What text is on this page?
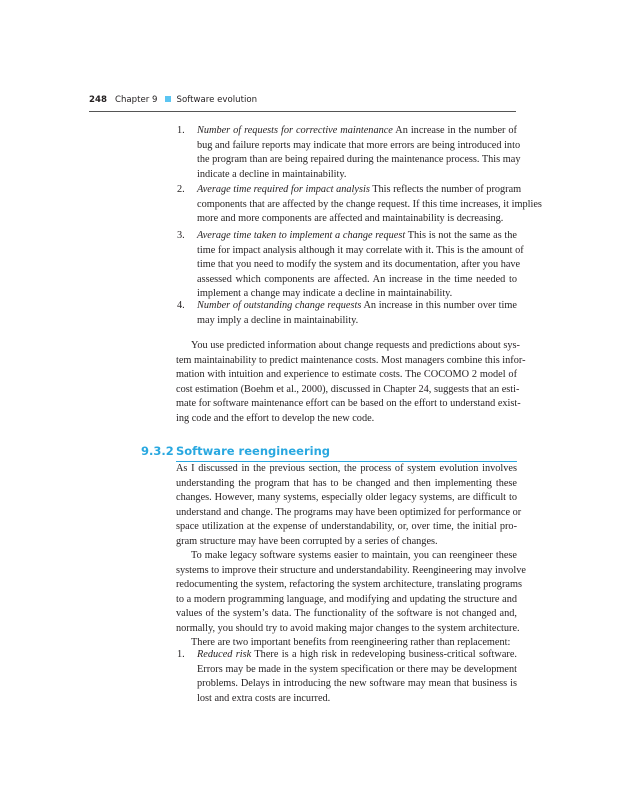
248 Chapter 9 Software evolution
1. Number of requests for corrective maintenance An increase in the number of
bug and failure reports may indicate that more errors are being introduced into
the program than are being repaired during the maintenance process. This may
indicate a decline in maintainability.
2. Average time required for impact analysis This reflects the number of program
components that are affected by the change request. If this time increases, it implies
more and more components are affected and maintainability is decreasing.
3. Average time taken to implement a change request This is not the same as the
time for impact analysis although it may correlate with it. This is the amount of
time that you need to modify the system and its documentation, after you have
assessed which components are affected. An increase in the time needed to
implement a change may indicate a decline in maintainability.
4. Number of outstanding change requests An increase in this number over time
may imply a decline in maintainability.
You use predicted information about change requests and predictions about sys-
tem maintainability to predict maintenance costs. Most managers combine this infor-
mation with intuition and experience to estimate costs. The COCOMO 2 model of
cost estimation (Boehm et al., 2000), discussed in Chapter 24, suggests that an esti-
mate for software maintenance effort can be based on the effort to understand exist-
ing code and the effort to develop the new code.
9.3.2 Software reengineering
As I discussed in the previous section, the process of system evolution involves
understanding the program that has to be changed and then implementing these
changes. However, many systems, especially older legacy systems, are difficult to
understand and change. The programs may have been optimized for performance or
space utilization at the expense of understandability, or, over time, the initial pro-
gram structure may have been corrupted by a series of changes.
To make legacy software systems easier to maintain, you can reengineer these
systems to improve their structure and understandability. Reengineering may involve
redocumenting the system, refactoring the system architecture, translating programs
to a modern programming language, and modifying and updating the structure and
values of the system’s data. The functionality of the software is not changed and,
normally, you should try to avoid making major changes to the system architecture.
There are two important benefits from reengineering rather than replacement:
1. Reduced risk There is a high risk in redeveloping business-critical software.
Errors may be made in the system specification or there may be development
problems. Delays in introducing the new software may mean that business is
lost and extra costs are incurred.
